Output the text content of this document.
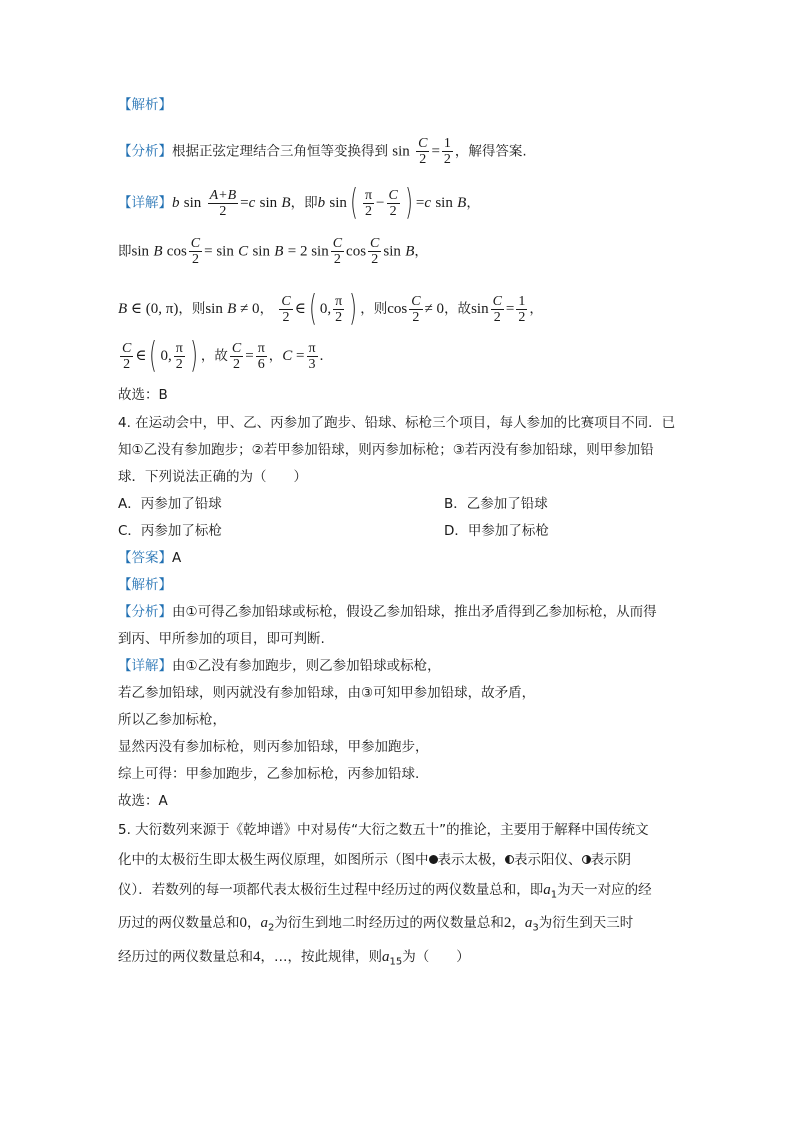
【解析】
【分析】根据正弦定理结合三角恒等变换得到 $\sin \frac{C}{2} = \frac{1}{2}$ ，解得答案.
【详解】b $\sin \frac{A+B}{2} =c$ sin B，即b $\sin( \frac{\pi}{2} - \frac{C}{2}$ ) =c sin B，
即sin B $\cos \frac{C}{2} = \sin C$ sin B = 2 $\sin \frac{C}{2}$ $\cos \frac{C}{2}$ sin B，
B ∈ (0, π)，则sin B ≠ 0， $\frac{C}{2}$ ∈( 0, $\frac{\pi}{2}$ ) ，则$\cos \frac{C}{2} \ne 0$，故$\sin \frac{C}{2} = \frac{1}{2}$ ，
$\frac{C}{2}$ ∈( 0, $\frac{\pi}{2}$ ) ，故 $\frac{C}{2} = \frac{\pi}{6}$ ，$C = \frac{\pi}{3}$ .
故选：B
4. 在运动会中，甲、乙、丙参加了跑步、铅球、标枪三个项目，每人参加的比赛项目不同．已
知①乙没有参加跑步；②若甲参加铅球，则丙参加标枪；③若丙没有参加铅球，则甲参加铅
球．下列说法正确的为（　　）
A．丙参加了铅球	B．乙参加了铅球
C．丙参加了标枪	D．甲参加了标枪
【答案】A
【解析】
【分析】由①可得乙参加铅球或标枪，假设乙参加铅球，推出矛盾得到乙参加标枪，从而得
到丙、甲所参加的项目，即可判断.
【详解】由①乙没有参加跑步，则乙参加铅球或标枪，
若乙参加铅球，则丙就没有参加铅球，由③可知甲参加铅球，故矛盾，
所以乙参加标枪，
显然丙没有参加标枪，则丙参加铅球，甲参加跑步，
综上可得：甲参加跑步，乙参加标枪，丙参加铅球.
故选：A
5. 大衍数列来源于《乾坤谱》中对易传“大衍之数五十”的推论，主要用于解释中国传统文
化中的太极衍生即太极生两仪原理，如图所示（图中 表示太极， 表示阳仪、 表示阴
仪）．若数列的每一项都代表太极衍生过程中经历过的两仪数量总和，即$a_1$为天一对应的经
历过的两仪数量总和0，$a_2$为衍生到地二时经历过的两仪数量总和2，$a_3$为衍生到天三时
经历过的两仪数量总和4，…，按此规律，则$a_{15}$为（　　）
